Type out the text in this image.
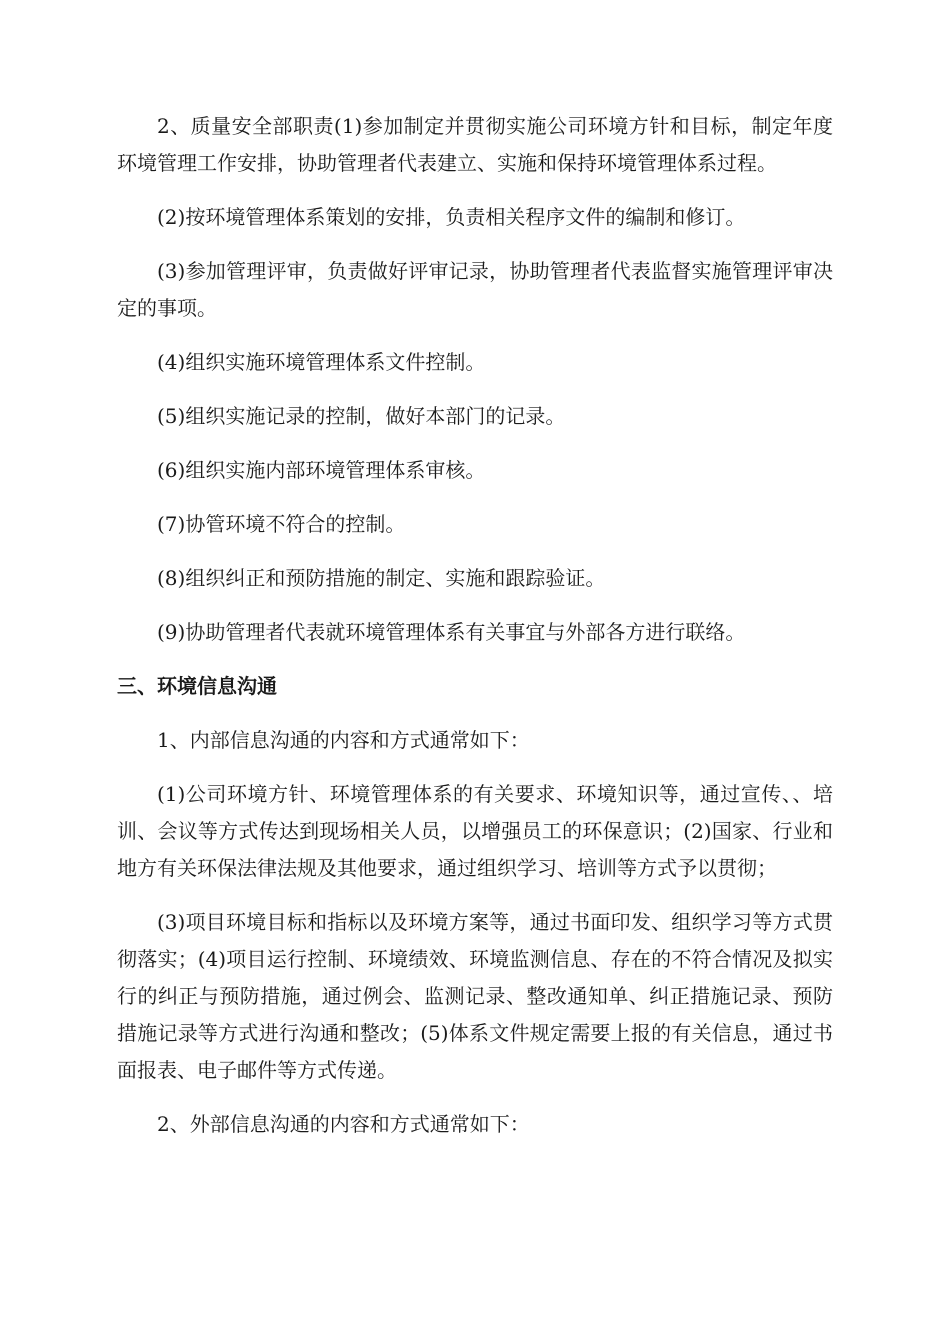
2、质量安全部职责(1)参加制定并贯彻实施公司环境方针和目标，制定年度环境管理工作安排，协助管理者代表建立、实施和保持环境管理体系过程。

(2)按环境管理体系策划的安排，负责相关程序文件的编制和修订。

(3)参加管理评审，负责做好评审记录，协助管理者代表监督实施管理评审决定的事项。

(4)组织实施环境管理体系文件控制。

(5)组织实施记录的控制，做好本部门的记录。

(6)组织实施内部环境管理体系审核。

(7)协管环境不符合的控制。

(8)组织纠正和预防措施的制定、实施和跟踪验证。

(9)协助管理者代表就环境管理体系有关事宜与外部各方进行联络。

三、环境信息沟通

1、内部信息沟通的内容和方式通常如下：

(1)公司环境方针、环境管理体系的有关要求、环境知识等，通过宣传、、培训、会议等方式传达到现场相关人员，以增强员工的环保意识；(2)国家、行业和地方有关环保法律法规及其他要求，通过组织学习、培训等方式予以贯彻；

(3)项目环境目标和指标以及环境方案等，通过书面印发、组织学习等方式贯彻落实；(4)项目运行控制、环境绩效、环境监测信息、存在的不符合情况及拟实行的纠正与预防措施，通过例会、监测记录、整改通知单、纠正措施记录、预防措施记录等方式进行沟通和整改；(5)体系文件规定需要上报的有关信息，通过书面报表、电子邮件等方式传递。

2、外部信息沟通的内容和方式通常如下：
